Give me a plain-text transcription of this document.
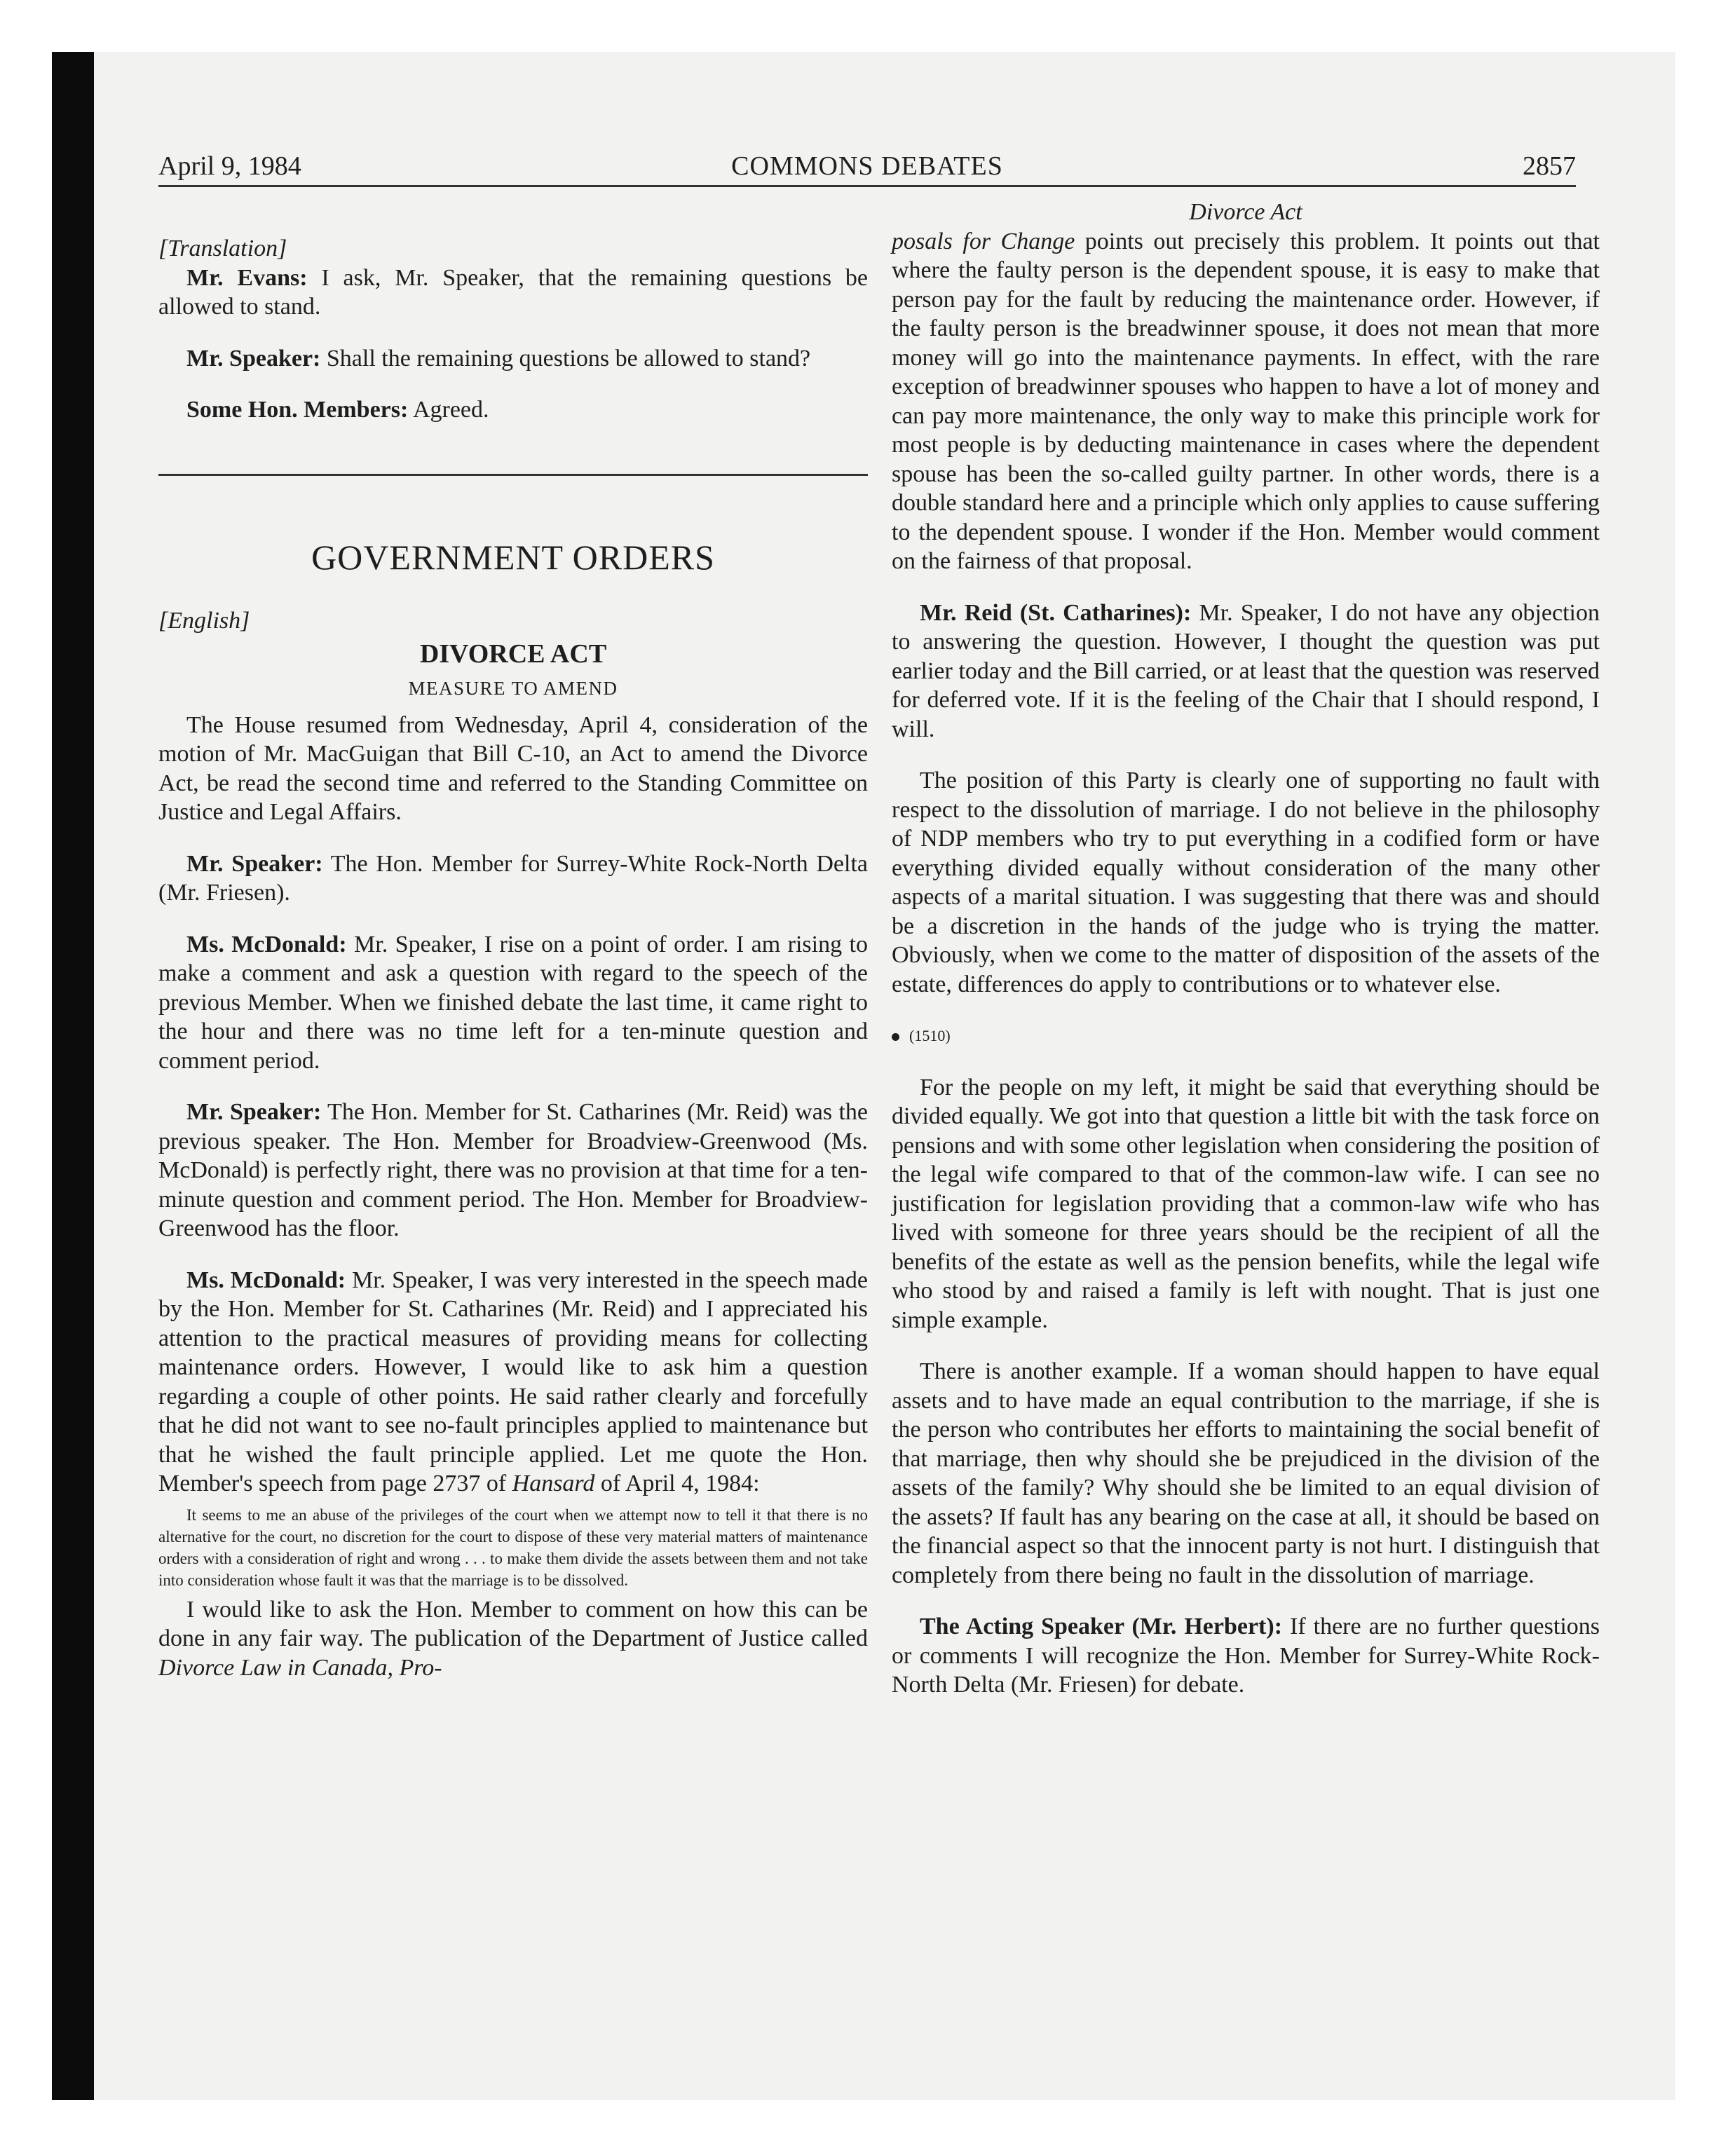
April 9, 1984	COMMONS DEBATES	2857

[Translation]

Mr. Evans: I ask, Mr. Speaker, that the remaining questions be allowed to stand.

Mr. Speaker: Shall the remaining questions be allowed to stand?

Some Hon. Members: Agreed.

GOVERNMENT ORDERS

[English]

DIVORCE ACT
MEASURE TO AMEND

The House resumed from Wednesday, April 4, consideration of the motion of Mr. MacGuigan that Bill C-10, an Act to amend the Divorce Act, be read the second time and referred to the Standing Committee on Justice and Legal Affairs.

Mr. Speaker: The Hon. Member for Surrey-White Rock-North Delta (Mr. Friesen).

Ms. McDonald: Mr. Speaker, I rise on a point of order. I am rising to make a comment and ask a question with regard to the speech of the previous Member. When we finished debate the last time, it came right to the hour and there was no time left for a ten-minute question and comment period.

Mr. Speaker: The Hon. Member for St. Catharines (Mr. Reid) was the previous speaker. The Hon. Member for Broadview-Greenwood (Ms. McDonald) is perfectly right, there was no provision at that time for a ten-minute question and comment period. The Hon. Member for Broadview-Greenwood has the floor.

Ms. McDonald: Mr. Speaker, I was very interested in the speech made by the Hon. Member for St. Catharines (Mr. Reid) and I appreciated his attention to the practical measures of providing means for collecting maintenance orders. However, I would like to ask him a question regarding a couple of other points. He said rather clearly and forcefully that he did not want to see no-fault principles applied to maintenance but that he wished the fault principle applied. Let me quote the Hon. Member's speech from page 2737 of Hansard of April 4, 1984:

It seems to me an abuse of the privileges of the court when we attempt now to tell it that there is no alternative for the court, no discretion for the court to dispose of these very material matters of maintenance orders with a consideration of right and wrong . . . to make them divide the assets between them and not take into consideration whose fault it was that the marriage is to be dissolved.

I would like to ask the Hon. Member to comment on how this can be done in any fair way. The publication of the Department of Justice called Divorce Law in Canada, Pro-

Divorce Act

posals for Change points out precisely this problem. It points out that where the faulty person is the dependent spouse, it is easy to make that person pay for the fault by reducing the maintenance order. However, if the faulty person is the breadwinner spouse, it does not mean that more money will go into the maintenance payments. In effect, with the rare exception of breadwinner spouses who happen to have a lot of money and can pay more maintenance, the only way to make this principle work for most people is by deducting maintenance in cases where the dependent spouse has been the so-called guilty partner. In other words, there is a double standard here and a principle which only applies to cause suffering to the dependent spouse. I wonder if the Hon. Member would comment on the fairness of that proposal.

Mr. Reid (St. Catharines): Mr. Speaker, I do not have any objection to answering the question. However, I thought the question was put earlier today and the Bill carried, or at least that the question was reserved for deferred vote. If it is the feeling of the Chair that I should respond, I will.

The position of this Party is clearly one of supporting no fault with respect to the dissolution of marriage. I do not believe in the philosophy of NDP members who try to put everything in a codified form or have everything divided equally without consideration of the many other aspects of a marital situation. I was suggesting that there was and should be a discretion in the hands of the judge who is trying the matter. Obviously, when we come to the matter of disposition of the assets of the estate, differences do apply to contributions or to whatever else.

(1510)

For the people on my left, it might be said that everything should be divided equally. We got into that question a little bit with the task force on pensions and with some other legislation when considering the position of the legal wife compared to that of the common-law wife. I can see no justification for legislation providing that a common-law wife who has lived with someone for three years should be the recipient of all the benefits of the estate as well as the pension benefits, while the legal wife who stood by and raised a family is left with nought. That is just one simple example.

There is another example. If a woman should happen to have equal assets and to have made an equal contribution to the marriage, if she is the person who contributes her efforts to maintaining the social benefit of that marriage, then why should she be prejudiced in the division of the assets of the family? Why should she be limited to an equal division of the assets? If fault has any bearing on the case at all, it should be based on the financial aspect so that the innocent party is not hurt. I distinguish that completely from there being no fault in the dissolution of marriage.

The Acting Speaker (Mr. Herbert): If there are no further questions or comments I will recognize the Hon. Member for Surrey-White Rock-North Delta (Mr. Friesen) for debate.
